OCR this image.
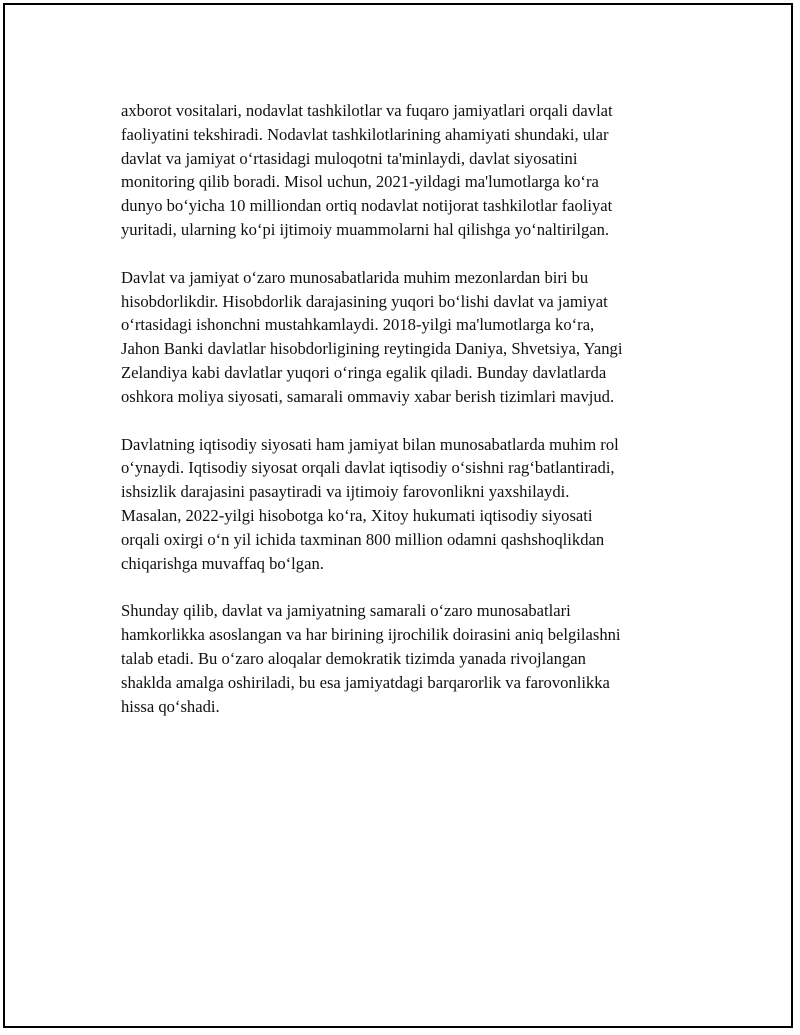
axborot vositalari, nodavlat tashkilotlar va fuqaro jamiyatlari orqali davlat
faoliyatini tekshiradi. Nodavlat tashkilotlarining ahamiyati shundaki, ular
davlat va jamiyat o‘rtasidagi muloqotni ta'minlaydi, davlat siyosatini
monitoring qilib boradi. Misol uchun, 2021-yildagi ma'lumotlarga ko‘ra
dunyo bo‘yicha 10 milliondan ortiq nodavlat notijorat tashkilotlar faoliyat
yuritadi, ularning ko‘pi ijtimoiy muammolarni hal qilishga yo‘naltirilgan.

Davlat va jamiyat o‘zaro munosabatlarida muhim mezonlardan biri bu
hisobdorlikdir. Hisobdorlik darajasining yuqori bo‘lishi davlat va jamiyat
o‘rtasidagi ishonchni mustahkamlaydi. 2018-yilgi ma'lumotlarga ko‘ra,
Jahon Banki davlatlar hisobdorligining reytingida Daniya, Shvetsiya, Yangi
Zelandiya kabi davlatlar yuqori o‘ringa egalik qiladi. Bunday davlatlarda
oshkora moliya siyosati, samarali ommaviy xabar berish tizimlari mavjud.

Davlatning iqtisodiy siyosati ham jamiyat bilan munosabatlarda muhim rol
o‘ynaydi. Iqtisodiy siyosat orqali davlat iqtisodiy o‘sishni rag‘batlantiradi,
ishsizlik darajasini pasaytiradi va ijtimoiy farovonlikni yaxshilaydi.
Masalan, 2022-yilgi hisobotga ko‘ra, Xitoy hukumati iqtisodiy siyosati
orqali oxirgi o‘n yil ichida taxminan 800 million odamni qashshoqlikdan
chiqarishga muvaffaq bo‘lgan.

Shunday qilib, davlat va jamiyatning samarali o‘zaro munosabatlari
hamkorlikka asoslangan va har birining ijrochilik doirasini aniq belgilashni
talab etadi. Bu o‘zaro aloqalar demokratik tizimda yanada rivojlangan
shaklda amalga oshiriladi, bu esa jamiyatdagi barqarorlik va farovonlikka
hissa qo‘shadi.
